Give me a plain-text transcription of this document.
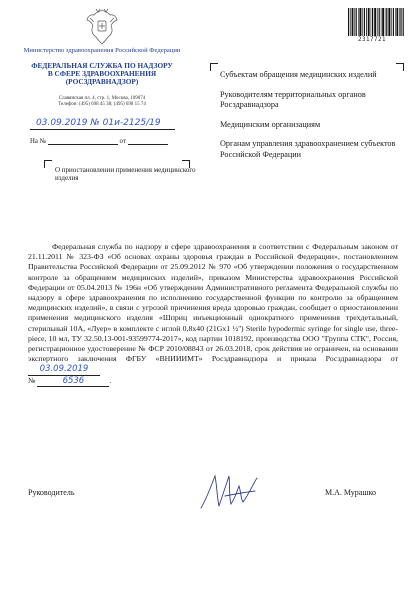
Министерство здравоохранения Российской Федерации
ФЕДЕРАЛЬНАЯ СЛУЖБА ПО НАДЗОРУ
В СФЕРЕ ЗДРАВООХРАНЕНИЯ
(РОСЗДРАВНАДЗОР)
Славянская пл. 4, стр. 1, Москва, 109074
Телефон: (495) 698 45 38; (495) 698 15 74
03.09.2019 № 01и-2125/19
На №	от
О приостановлении применения медицинского изделия
2317721

Субъектам обращения медицинских изделий

Руководителям территориальных органов Росздравнадзора

Медицинским организациям

Органам управления здравоохранением субъектов Российской Федерации

Федеральная служба по надзору в сфере здравоохранения в соответствии с Федеральным законом от 21.11.2011 № 323-ФЗ «Об основах охраны здоровья граждан в Российской Федерации», постановлением Правительства Российской Федерации от 25.09.2012 № 970 «Об утверждении положения о государственном контроле за обращением медицинских изделий», приказом Министерства здравоохранения Российской Федерации от 05.04.2013 № 196н «Об утверждении Административного регламента Федеральной службы по надзору в сфере здравоохранения по исполнению государственной функции по контролю за обращением медицинских изделий», в связи с угрозой причинения вреда здоровью граждан, сообщает о приостановлении применения медицинского изделия «Шприц инъекционный однократного применения трехдетальный, стерильный 10А, «Луер» в комплекте с иглой 0,8x40 (21Gx1 ½'') Sterile hypodermic syringe for single use, three-piece, 10 мл, ТУ 32.50.13-001-93599774-2017», код партии 1018192, производства ООО "Группа СТК", Россия, регистрационное удостоверение № ФСР 2010/08843 от 26.03.2018, срок действия не ограничен, на основании экспертного заключения ФГБУ «ВНИИИМТ» Росздравнадзора и приказа Росздравнадзора от 03.09.2019

№	6536	.

Руководитель	М.А. Мурашко
